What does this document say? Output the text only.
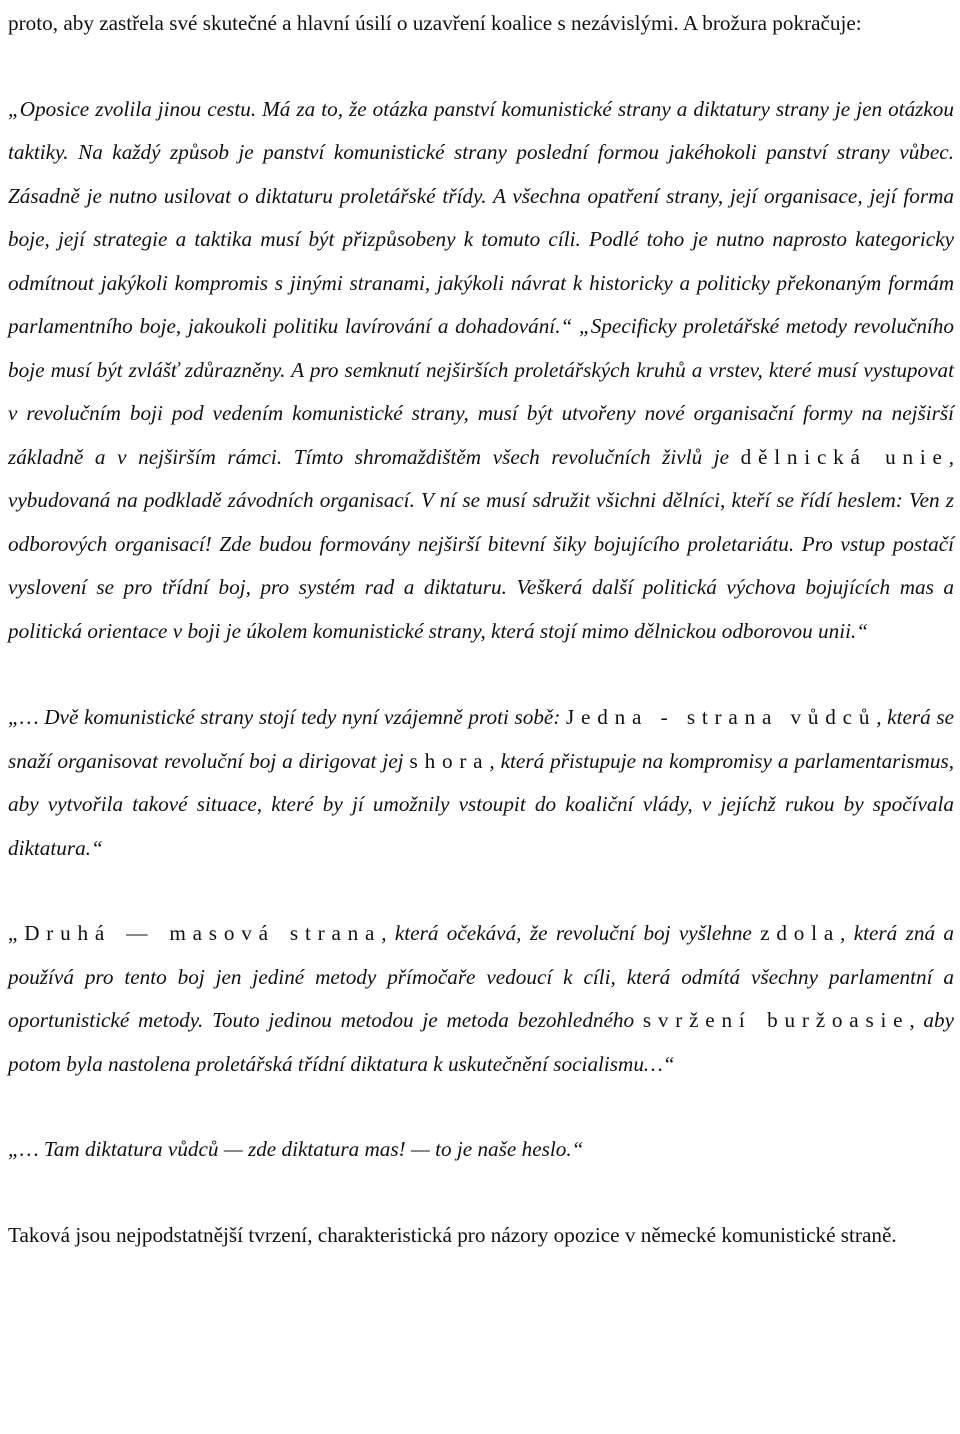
proto, aby zastřela své skutečné a hlavní úsilí o uzavření koalice s nezávislými. A brožura pokračuje:

„Oposice zvolila jinou cestu. Má za to, že otázka panství komunistické strany a diktatury strany je jen otázkou taktiky. Na každý způsob je panství komunistické strany poslední formou jakéhokoli panství strany vůbec. Zásadně je nutno usilovat o diktaturu proletářské třídy. A všechna opatření strany, její organisace, její forma boje, její strategie a taktika musí být přizpůsobeny k tomuto cíli. Podlé toho je nutno naprosto kategoricky odmítnout jakýkoli kompromis s jinými stranami, jakýkoli návrat k historicky a politicky překonaným formám parlamentního boje, jakoukoli politiku lavírování a dohadování.“ „Specificky proletářské metody revolučního boje musí být zvlášť zdůrazněny. A pro semknutí nejširších proletářských kruhů a vrstev, které musí vystupovat v revolučním boji pod vedením komunistické strany, musí být utvořeny nové organisační formy na nejširší základně a v nejširším rámci. Tímto shromaždištěm všech revolučních živlů je dělnická unie, vybudovaná na podkladě závodních organisací. V ní se musí sdružit všichni dělníci, kteří se řídí heslem: Ven z odborových organisací! Zde budou formovány nejširší bitevní šiky bojujícího proletariátu. Pro vstup postačí vyslovení se pro třídní boj, pro systém rad a diktaturu. Veškerá další politická výchova bojujících mas a politická orientace v boji je úkolem komunistické strany, která stojí mimo dělnickou odborovou unii.“

„… Dvě komunistické strany stojí tedy nyní vzájemně proti sobě: Jedna - strana vůdců, která se snaží organisovat revoluční boj a dirigovat jej shora, která přistupuje na kompromisy a parlamentarismus, aby vytvořila takové situace, které by jí umožnily vstoupit do koaliční vlády, v jejíchž rukou by spočívala diktatura.“

„Druhá — masová strana, která očekává, že revoluční boj vyšlehne zdola, která zná a používá pro tento boj jen jediné metody přímočaře vedoucí k cíli, která odmítá všechny parlamentní a oportunistické metody. Touto jedinou metodou je metoda bezohledného svržení buržoasie, aby potom byla nastolena proletářská třídní diktatura k uskutečnění socialismu…“

„… Tam diktatura vůdců — zde diktatura mas! — to je naše heslo.“

Taková jsou nejpodstatnější tvrzení, charakteristická pro názory opozice v německé komunistické straně.
